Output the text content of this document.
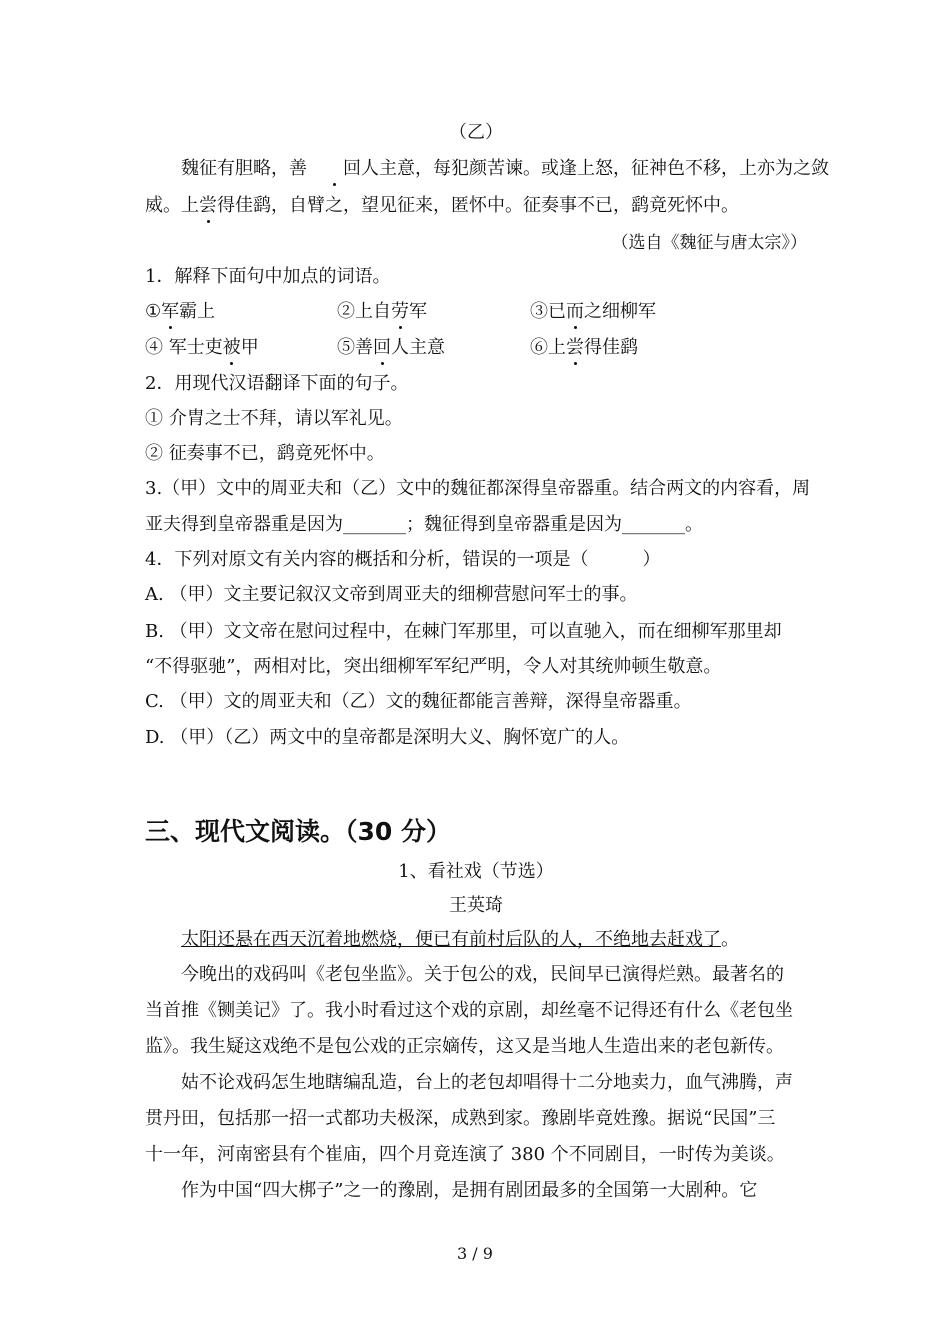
（乙）
魏征有胆略，善 回人主意，每犯颜苦谏。或逢上怒，征神色不移，上亦为之敛
威。上尝得佳鹞，自臂之，望见征来，匿怀中。征奏事不已，鹞竟死怀中。
（选自《魏征与唐太宗》）
1．解释下面句中加点的词语。
①军霸上	②上自劳军	③已而之细柳军
④ 军士吏被甲	⑤善回人主意	⑥上尝得佳鹞
2．用现代汉语翻译下面的句子。
① 介胄之士不拜，请以军礼见。
② 征奏事不已，鹞竟死怀中。
3.（甲）文中的周亚夫和（乙）文中的魏征都深得皇帝器重。结合两文的内容看，周
亚夫得到皇帝器重是因为_______；魏征得到皇帝器重是因为_______。
4．下列对原文有关内容的概括和分析，错误的一项是（　　　）
A. （甲）文主要记叙汉文帝到周亚夫的细柳营慰问军士的事。
B. （甲）文文帝在慰问过程中，在棘门军那里，可以直驰入，而在细柳军那里却
“不得驱驰”，两相对比，突出细柳军军纪严明，令人对其统帅顿生敬意。
C. （甲）文的周亚夫和（乙）文的魏征都能言善辩，深得皇帝器重。
D. （甲）（乙）两文中的皇帝都是深明大义、胸怀宽广的人。
三、现代文阅读。（30 分）
1、看社戏（节选）
王英琦
太阳还悬在西天沉着地燃烧，便已有前村后队的人，不绝地去赶戏了。
今晚出的戏码叫《老包坐监》。关于包公的戏，民间早已演得烂熟。最著名的
当首推《铡美记》了。我小时看过这个戏的京剧，却丝毫不记得还有什么《老包坐
监》。我生疑这戏绝不是包公戏的正宗嫡传，这又是当地人生造出来的老包新传。
姑不论戏码怎生地瞎编乱造，台上的老包却唱得十二分地卖力，血气沸腾，声
贯丹田，包括那一招一式都功夫极深，成熟到家。豫剧毕竟姓豫。据说“民国”三
十一年，河南密县有个崔庙，四个月竟连演了 380 个不同剧目，一时传为美谈。
作为中国“四大梆子”之一的豫剧，是拥有剧团最多的全国第一大剧种。它
3 / 9
